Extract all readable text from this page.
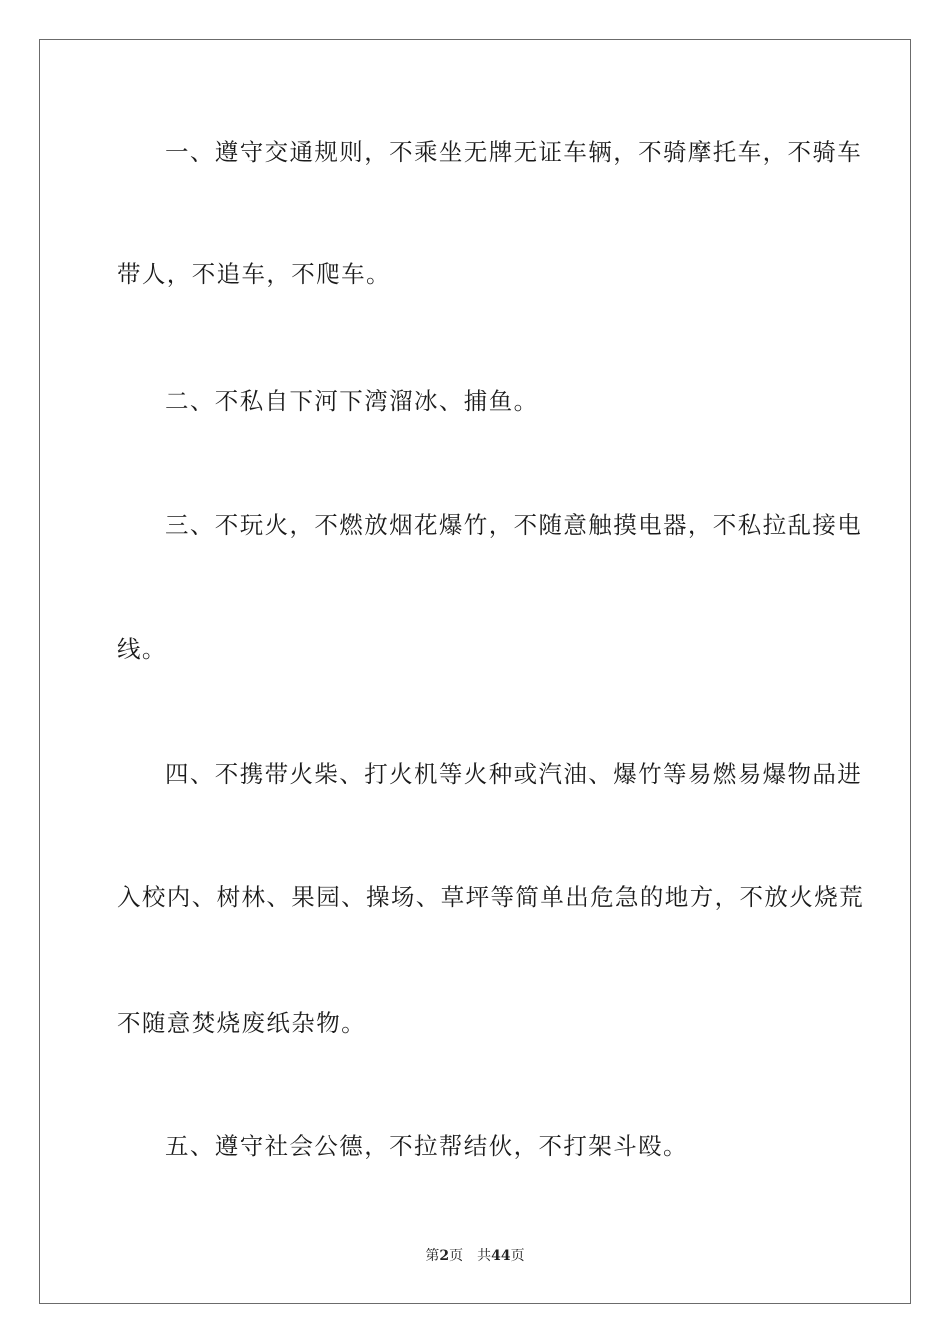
一、遵守交通规则，不乘坐无牌无证车辆，不骑摩托车，不骑车
带人，不追车，不爬车。
二、不私自下河下湾溜冰、捕鱼。
三、不玩火，不燃放烟花爆竹，不随意触摸电器，不私拉乱接电
线。
四、不携带火柴、打火机等火种或汽油、爆竹等易燃易爆物品进
入校内、树林、果园、操场、草坪等简单出危急的地方，不放火烧荒
不随意焚烧废纸杂物。
五、遵守社会公德，不拉帮结伙，不打架斗殴。
第2页 共44页
